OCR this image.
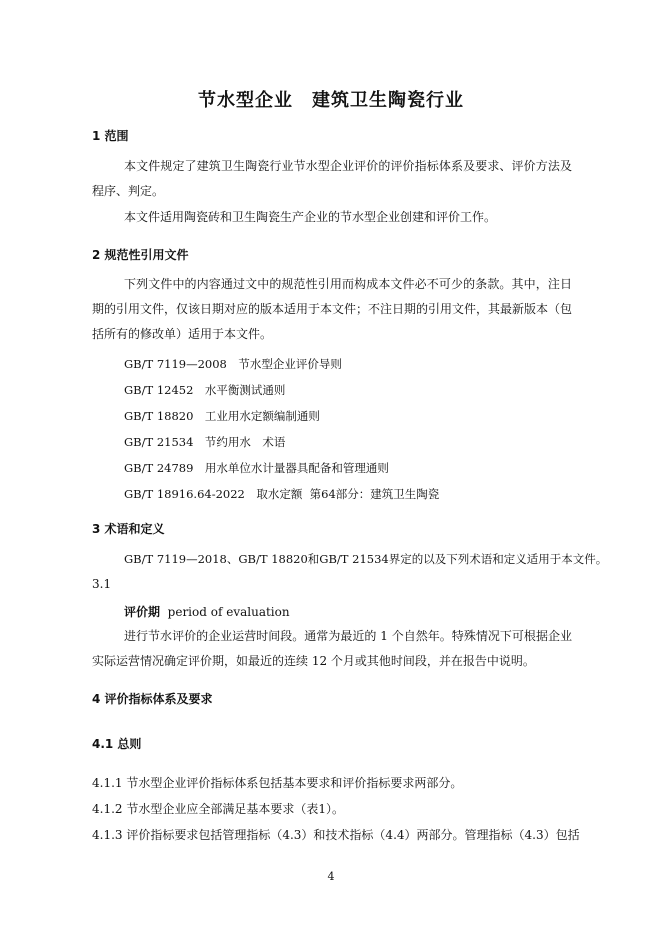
节水型企业　建筑卫生陶瓷行业
1 范围
本文件规定了建筑卫生陶瓷行业节水型企业评价的评价指标体系及要求、评价方法及程序、判定。
本文件适用陶瓷砖和卫生陶瓷生产企业的节水型企业创建和评价工作。
2 规范性引用文件
下列文件中的内容通过文中的规范性引用而构成本文件必不可少的条款。其中，注日期的引用文件，仅该日期对应的版本适用于本文件；不注日期的引用文件，其最新版本（包括所有的修改单）适用于本文件。
GB/T 7119—2008　节水型企业评价导则
GB/T 12452　水平衡测试通则
GB/T 18820　工业用水定额编制通则
GB/T 21534　节约用水　术语
GB/T 24789　用水单位水计量器具配备和管理通则
GB/T 18916.64-2022　取水定额  第64部分：建筑卫生陶瓷
3 术语和定义
GB/T 7119—2018、GB/T 18820和GB/T 21534界定的以及下列术语和定义适用于本文件。
3.1
评价期 period of evaluation
进行节水评价的企业运营时间段。通常为最近的 1 个自然年。特殊情况下可根据企业实际运营情况确定评价期，如最近的连续 12 个月或其他时间段，并在报告中说明。
4 评价指标体系及要求
4.1 总则
4.1.1 节水型企业评价指标体系包括基本要求和评价指标要求两部分。
4.1.2 节水型企业应全部满足基本要求（表1）。
4.1.3 评价指标要求包括管理指标（4.3）和技术指标（4.4）两部分。管理指标（4.3）包括
4
